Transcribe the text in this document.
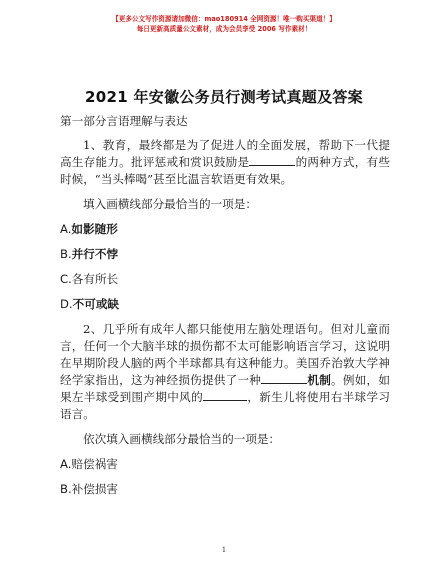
【更多公文写作资源请加微信：mao180914 全网资源！唯一购买渠道！】
每日更新高质量公文素材，成为会员享受 2006 写作素材！
2021 年安徽公务员行测考试真题及答案

第一部分言语理解与表达

1、教育，最终都是为了促进人的全面发展，帮助下一代提高生存能力。批评惩戒和赏识鼓励是	的两种方式，有些时候，“当头棒喝”甚至比温言软语更有效果。

填入画横线部分最恰当的一项是：

A.如影随形

B.并行不悖

C.各有所长

D.不可或缺

2、几乎所有成年人都只能使用左脑处理语句。但对儿童而言，任何一个大脑半球的损伤都不太可能影响语言学习，这说明在早期阶段人脑的两个半球都具有这种能力。美国乔治敦大学神经学家指出，这为神经损伤提供了一种	机制。例如，如果左半球受到围产期中风的	，新生儿将使用右半球学习语言。

依次填入画横线部分最恰当的一项是：

A.赔偿祸害

B.补偿损害

1
